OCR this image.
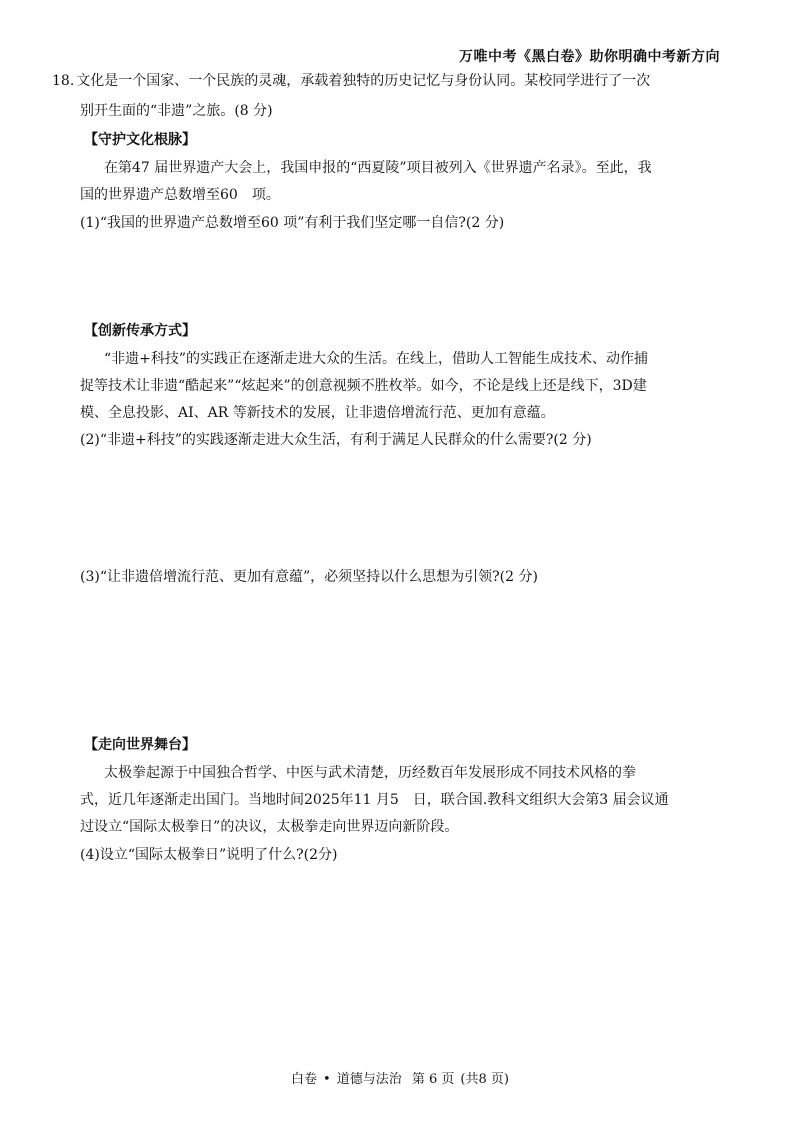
万唯中考《黑白卷》助你明确中考新方向
18. 文化是一个国家、一个民族的灵魂，承载着独特的历史记忆与身份认同。某校同学进行了一次
别开生面的“非遗”之旅。(8 分)
【守护文化根脉】
在第47 届世界遗产大会上，我国申报的“西夏陵”项目被列入《世界遗产名录》。至此，我
国的世界遗产总数增至60　项。
(1)“我国的世界遗产总数增至60 项”有利于我们坚定哪一自信?(2 分)
【创新传承方式】
“非遗+科技”的实践正在逐渐走进大众的生活。在线上，借助人工智能生成技术、动作捕
捉等技术让非遗“酷起来”“炫起来”的创意视频不胜枚举。如今，不论是线上还是线下，3D建
模、全息投影、AI、AR 等新技术的发展，让非遗倍增流行范、更加有意蕴。
(2)“非遗+科技”的实践逐渐走进大众生活，有利于满足人民群众的什么需要?(2 分)
(3)“让非遗倍增流行范、更加有意蕴”，必须坚持以什么思想为引领?(2 分)
【走向世界舞台】
太极拳起源于中国独合哲学、中医与武术清楚，历经数百年发展形成不同技术风格的拳
式，近几年逐渐走出国门。当地时间2025年11 月5　日，联合国.教科文组织大会第3 届会议通
过设立“国际太极拳日”的决议，太极拳走向世界迈向新阶段。
(4)设立“国际太极拳日”说明了什么?(2分)
白卷 • 道德与法治 第 6 页 (共8 页)
